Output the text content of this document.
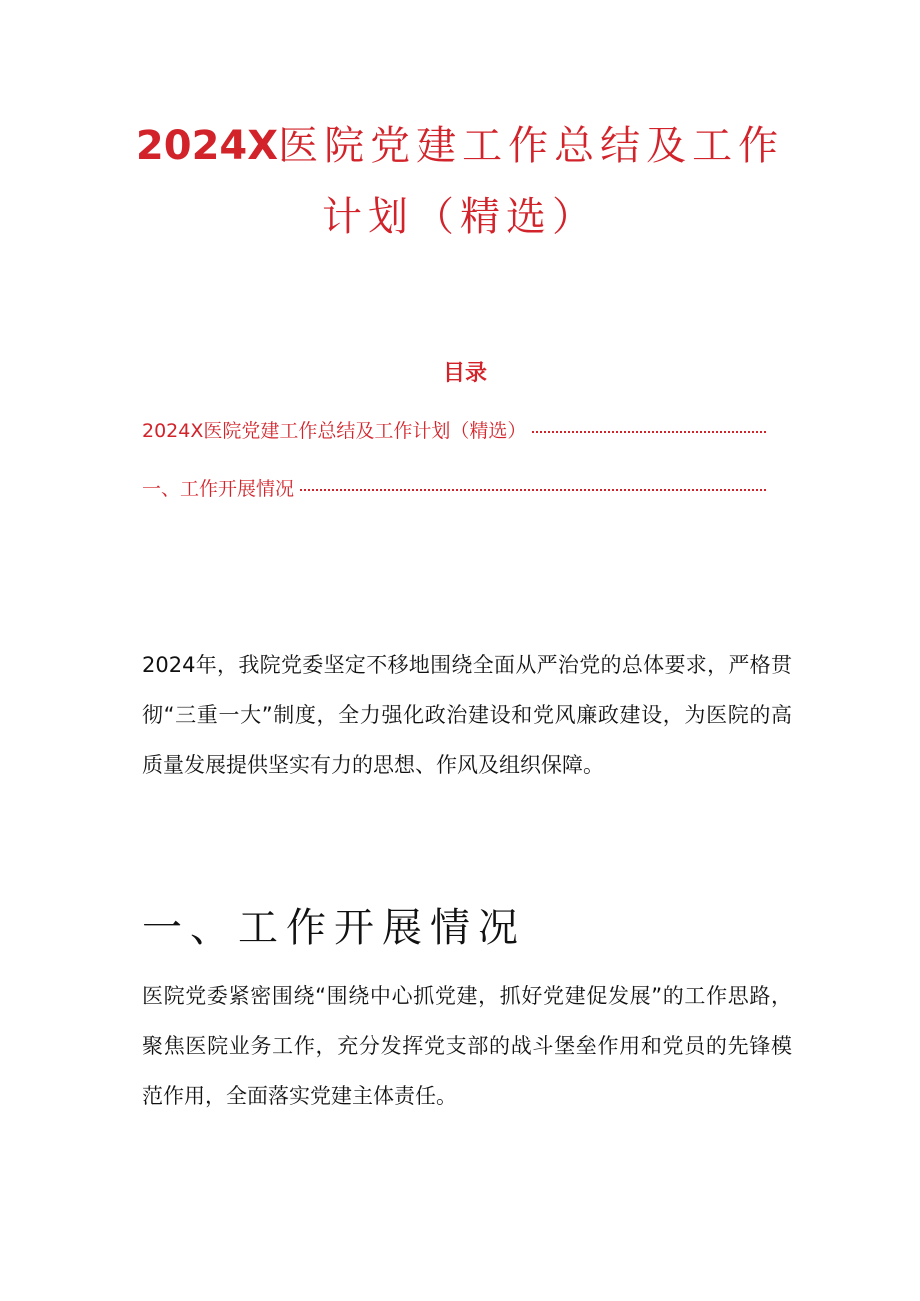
2024X医院党建工作总结及工作
计划（精选）
目录
2024X医院党建工作总结及工作计划（精选）
一、工作开展情况

2024年，我院党委坚定不移地围绕全面从严治党的总体要求，严格贯彻“三重一大”制度，全力强化政治建设和党风廉政建设，为医院的高质量发展提供坚实有力的思想、作风及组织保障。

一、工作开展情况

医院党委紧密围绕“围绕中心抓党建，抓好党建促发展”的工作思路，聚焦医院业务工作，充分发挥党支部的战斗堡垒作用和党员的先锋模范作用，全面落实党建主体责任。
